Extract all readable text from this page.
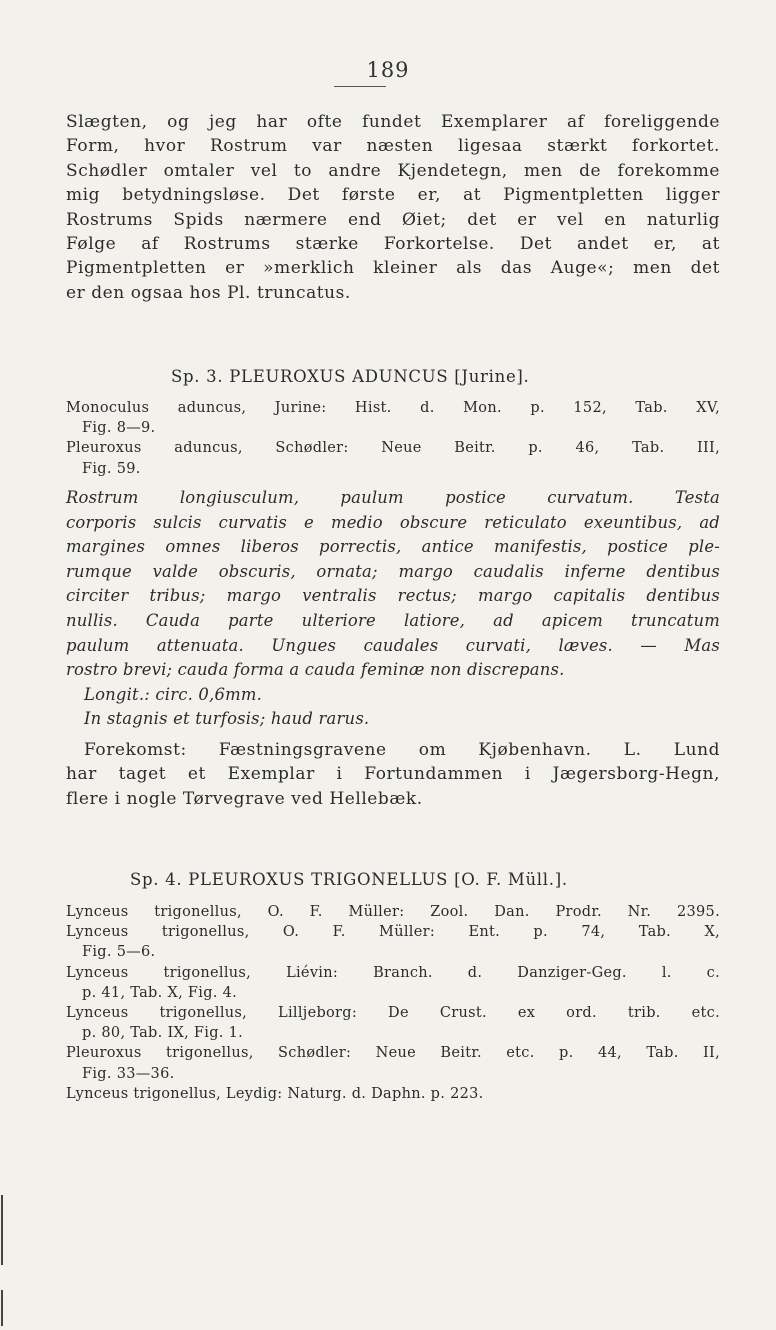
189
Slægten, og jeg har ofte fundet Exemplarer af foreliggende
Form, hvor Rostrum var næsten ligesaa stærkt forkortet.
Schødler omtaler vel to andre Kjendetegn, men de forekomme
mig betydningsløse. Det første er, at Pigmentpletten ligger
Rostrums Spids nærmere end Øiet; det er vel en naturlig
Følge af Rostrums stærke Forkortelse. Det andet er, at
Pigmentpletten er »merklich kleiner als das Auge«; men det
er den ogsaa hos Pl. truncatus.
Sp. 3. PLEUROXUS ADUNCUS [Jurine].
Monoculus aduncus, Jurine: Hist. d. Mon. p. 152, Tab. XV,
Fig. 8—9.
Pleuroxus aduncus, Schødler: Neue Beitr. p. 46, Tab. III,
Fig. 59.
Rostrum longiusculum, paulum postice curvatum. Testa
corporis sulcis curvatis e medio obscure reticulato exeuntibus, ad
margines omnes liberos porrectis, antice manifestis, postice ple-
rumque valde obscuris, ornata; margo caudalis inferne dentibus
circiter tribus; margo ventralis rectus; margo capitalis dentibus
nullis. Cauda parte ulteriore latiore, ad apicem truncatum
paulum attenuata. Ungues caudales curvati, læves. — Mas
rostro brevi; cauda forma a cauda feminæ non discrepans.
Longit.: circ. 0,6mm.
In stagnis et turfosis; haud rarus.
Forekomst: Fæstningsgravene om Kjøbenhavn. L. Lund
har taget et Exemplar i Fortundammen i Jægersborg-Hegn,
flere i nogle Tørvegrave ved Hellebæk.
Sp. 4. PLEUROXUS TRIGONELLUS [O. F. Müll.].
Lynceus trigonellus, O. F. Müller: Zool. Dan. Prodr. Nr. 2395.
Lynceus trigonellus, O. F. Müller: Ent. p. 74, Tab. X,
Fig. 5—6.
Lynceus trigonellus, Liévin: Branch. d. Danziger-Geg. l. c.
p. 41, Tab. X, Fig. 4.
Lynceus trigonellus, Lilljeborg: De Crust. ex ord. trib. etc.
p. 80, Tab. IX, Fig. 1.
Pleuroxus trigonellus, Schødler: Neue Beitr. etc. p. 44, Tab. II,
Fig. 33—36.
Lynceus trigonellus, Leydig: Naturg. d. Daphn. p. 223.
